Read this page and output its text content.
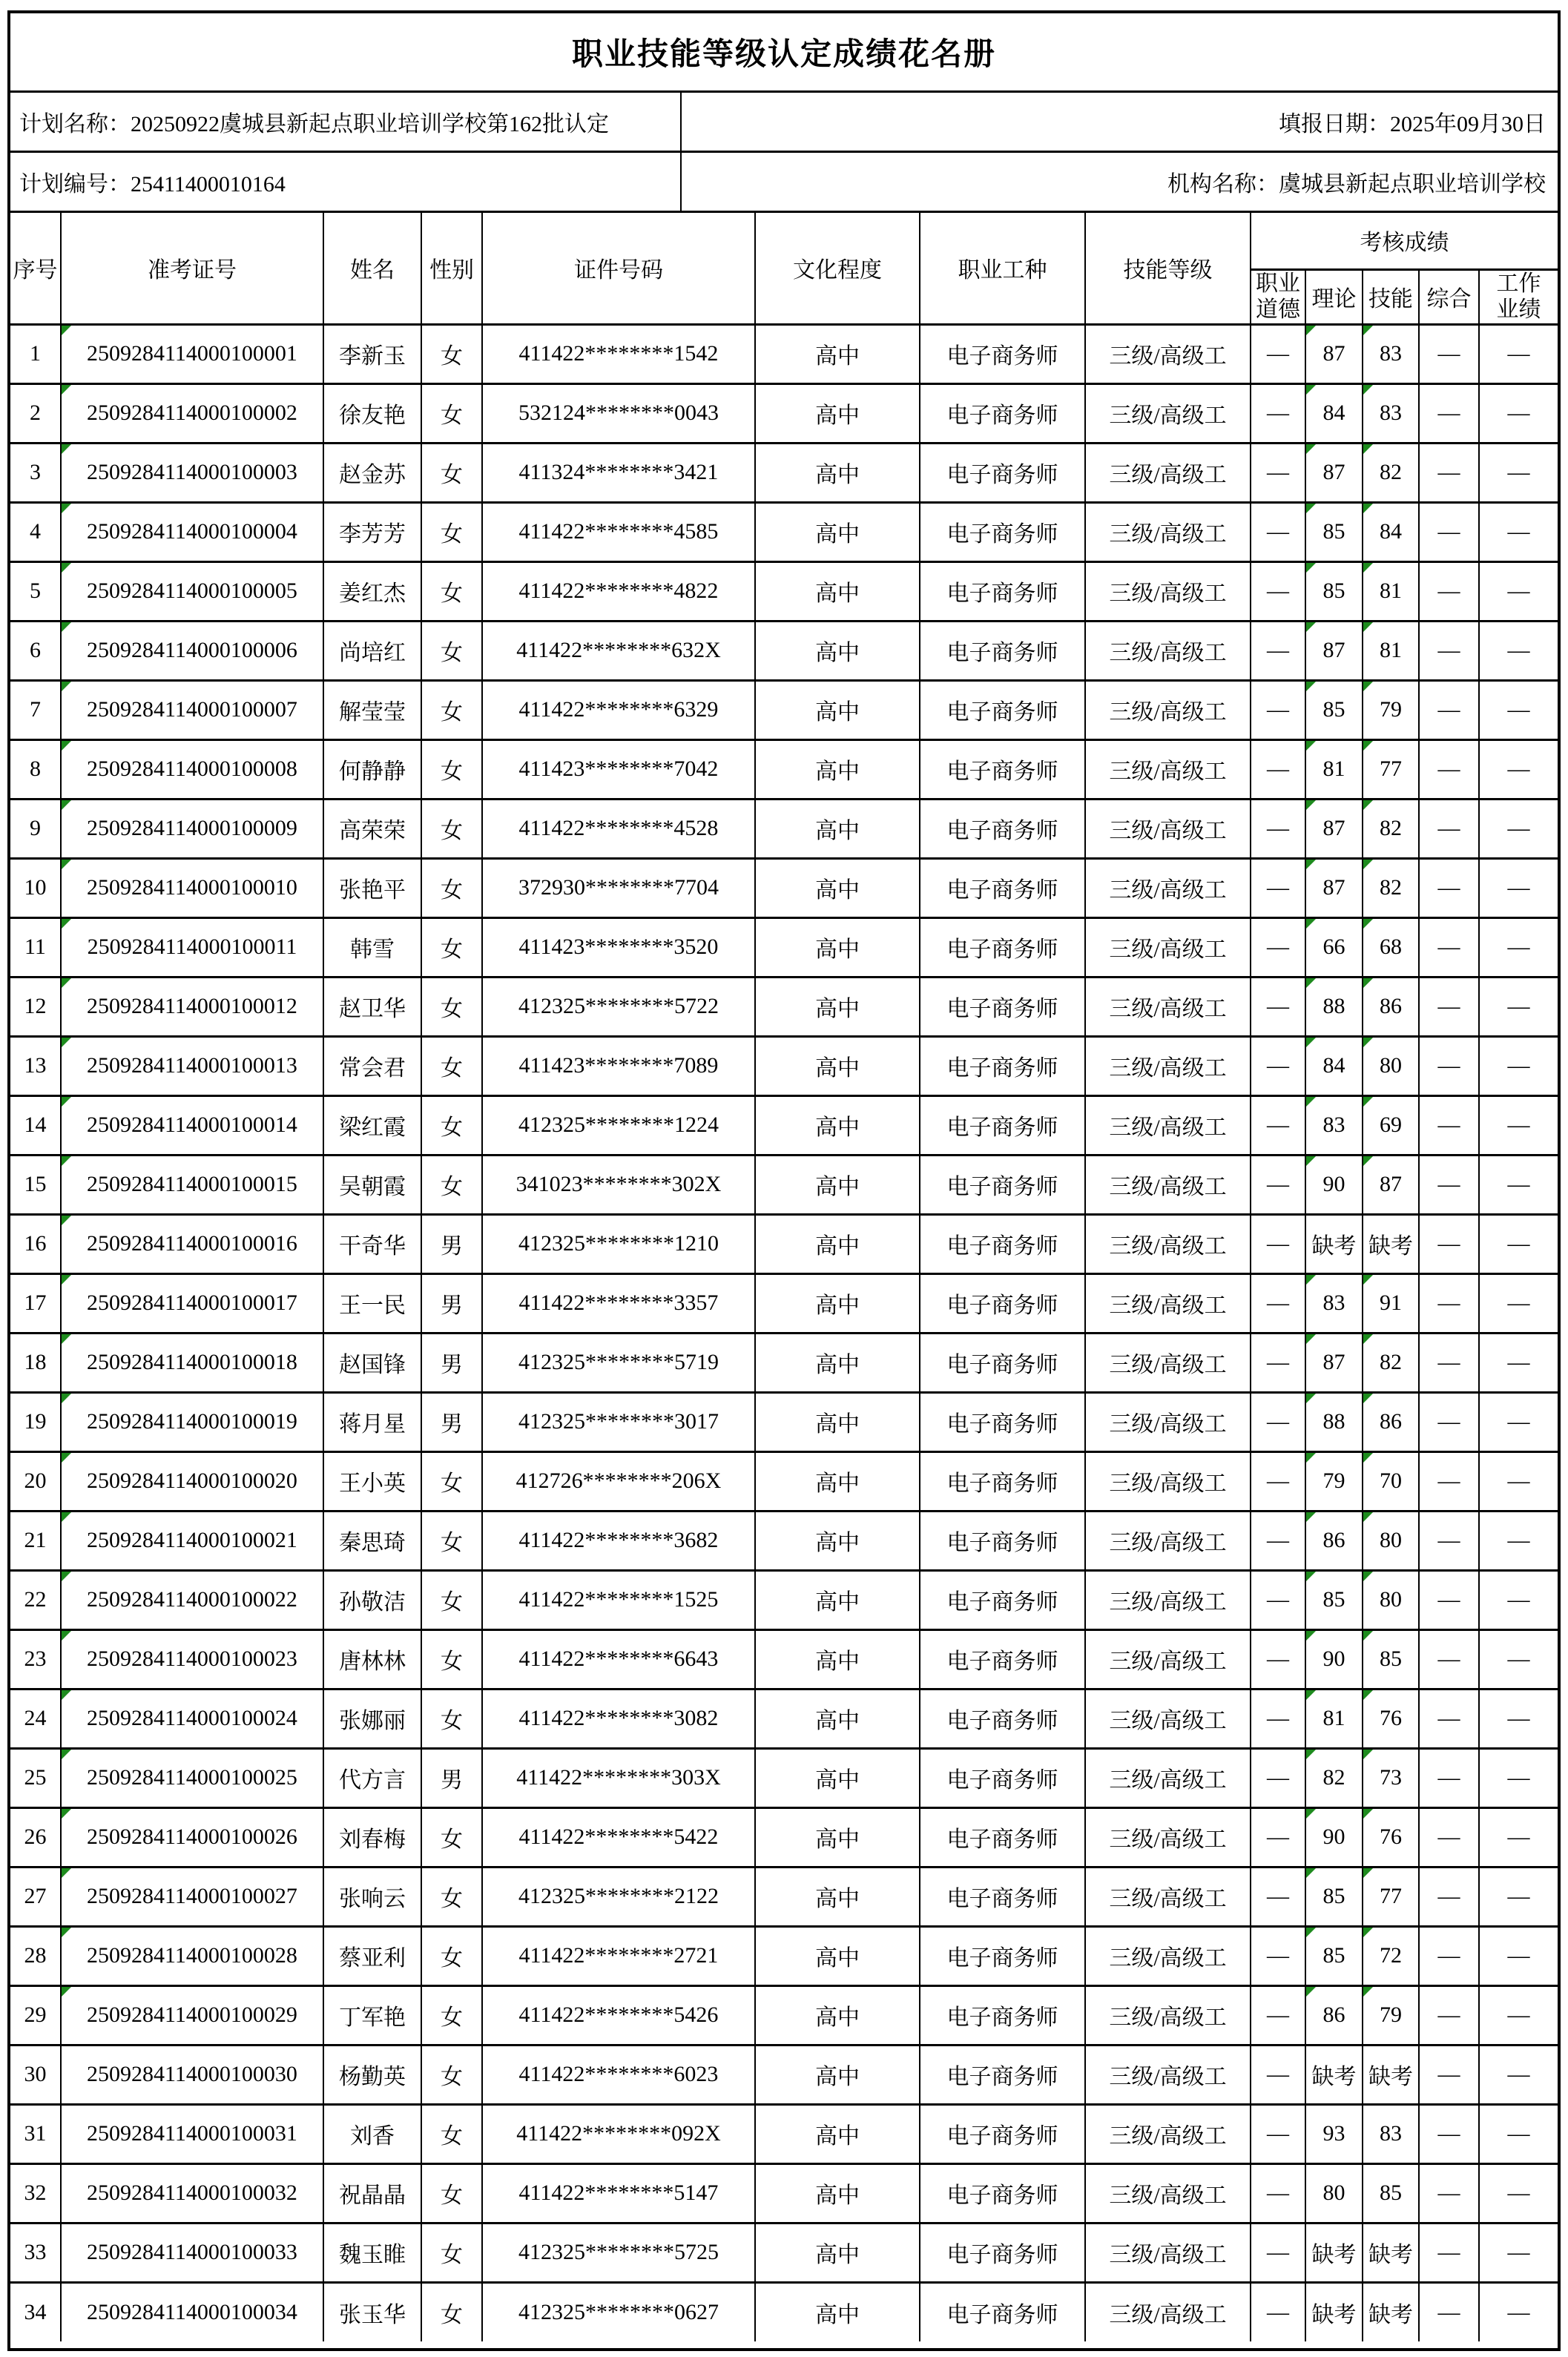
职业技能等级认定成绩花名册
计划名称：20250922虞城县新起点职业培训学校第162批认定	填报日期：2025年09月30日
计划编号：25411400010164	机构名称：虞城县新起点职业培训学校
序号	准考证号	姓名	性别	证件号码	文化程度	职业工种	技能等级	考核成绩				
								职业道德	理论	技能	综合	工作业绩
1	2509284114000100001	李新玉	女	411422********1542	高中	电子商务师	三级/高级工	—	87	83	—	—
2	2509284114000100002	徐友艳	女	532124********0043	高中	电子商务师	三级/高级工	—	84	83	—	—
3	2509284114000100003	赵金苏	女	411324********3421	高中	电子商务师	三级/高级工	—	87	82	—	—
4	2509284114000100004	李芳芳	女	411422********4585	高中	电子商务师	三级/高级工	—	85	84	—	—
5	2509284114000100005	姜红杰	女	411422********4822	高中	电子商务师	三级/高级工	—	85	81	—	—
6	2509284114000100006	尚培红	女	411422********632X	高中	电子商务师	三级/高级工	—	87	81	—	—
7	2509284114000100007	解莹莹	女	411422********6329	高中	电子商务师	三级/高级工	—	85	79	—	—
8	2509284114000100008	何静静	女	411423********7042	高中	电子商务师	三级/高级工	—	81	77	—	—
9	2509284114000100009	高荣荣	女	411422********4528	高中	电子商务师	三级/高级工	—	87	82	—	—
10	2509284114000100010	张艳平	女	372930********7704	高中	电子商务师	三级/高级工	—	87	82	—	—
11	2509284114000100011	韩雪	女	411423********3520	高中	电子商务师	三级/高级工	—	66	68	—	—
12	2509284114000100012	赵卫华	女	412325********5722	高中	电子商务师	三级/高级工	—	88	86	—	—
13	2509284114000100013	常会君	女	411423********7089	高中	电子商务师	三级/高级工	—	84	80	—	—
14	2509284114000100014	梁红霞	女	412325********1224	高中	电子商务师	三级/高级工	—	83	69	—	—
15	2509284114000100015	吴朝霞	女	341023********302X	高中	电子商务师	三级/高级工	—	90	87	—	—
16	2509284114000100016	干奇华	男	412325********1210	高中	电子商务师	三级/高级工	—	缺考	缺考	—	—
17	2509284114000100017	王一民	男	411422********3357	高中	电子商务师	三级/高级工	—	83	91	—	—
18	2509284114000100018	赵国锋	男	412325********5719	高中	电子商务师	三级/高级工	—	87	82	—	—
19	2509284114000100019	蒋月星	男	412325********3017	高中	电子商务师	三级/高级工	—	88	86	—	—
20	2509284114000100020	王小英	女	412726********206X	高中	电子商务师	三级/高级工	—	79	70	—	—
21	2509284114000100021	秦思琦	女	411422********3682	高中	电子商务师	三级/高级工	—	86	80	—	—
22	2509284114000100022	孙敬洁	女	411422********1525	高中	电子商务师	三级/高级工	—	85	80	—	—
23	2509284114000100023	唐林林	女	411422********6643	高中	电子商务师	三级/高级工	—	90	85	—	—
24	2509284114000100024	张娜丽	女	411422********3082	高中	电子商务师	三级/高级工	—	81	76	—	—
25	2509284114000100025	代方言	男	411422********303X	高中	电子商务师	三级/高级工	—	82	73	—	—
26	2509284114000100026	刘春梅	女	411422********5422	高中	电子商务师	三级/高级工	—	90	76	—	—
27	2509284114000100027	张响云	女	412325********2122	高中	电子商务师	三级/高级工	—	85	77	—	—
28	2509284114000100028	蔡亚利	女	411422********2721	高中	电子商务师	三级/高级工	—	85	72	—	—
29	2509284114000100029	丁军艳	女	411422********5426	高中	电子商务师	三级/高级工	—	86	79	—	—
30	2509284114000100030	杨勤英	女	411422********6023	高中	电子商务师	三级/高级工	—	缺考	缺考	—	—
31	2509284114000100031	刘香	女	411422********092X	高中	电子商务师	三级/高级工	—	93	83	—	—
32	2509284114000100032	祝晶晶	女	411422********5147	高中	电子商务师	三级/高级工	—	80	85	—	—
33	2509284114000100033	魏玉睢	女	412325********5725	高中	电子商务师	三级/高级工	—	缺考	缺考	—	—
34	2509284114000100034	张玉华	女	412325********0627	高中	电子商务师	三级/高级工	—	缺考	缺考	—	—
